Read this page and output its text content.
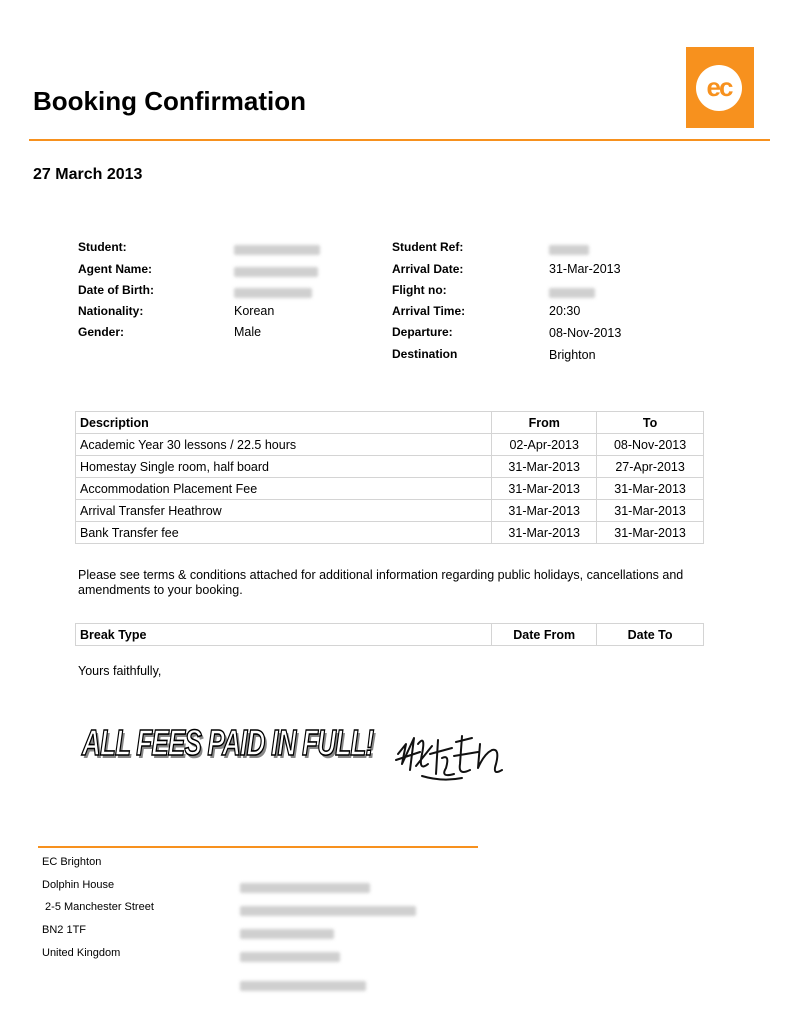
Booking Confirmation	ec
27 March 2013
Student:
Agent Name:
Date of Birth:
Nationality:	Korean
Gender:	Male
Student Ref:
Arrival Date:	31-Mar-2013
Flight no:
Arrival Time:	20:30
Departure:	08-Nov-2013
Destination	Brighton
Description	From	To
Academic Year 30 lessons / 22.5 hours	02-Apr-2013	08-Nov-2013
Homestay Single room, half board	31-Mar-2013	27-Apr-2013
Accommodation Placement Fee	31-Mar-2013	31-Mar-2013
Arrival Transfer Heathrow	31-Mar-2013	31-Mar-2013
Bank Transfer fee	31-Mar-2013	31-Mar-2013
Please see terms & conditions attached for additional information regarding public holidays, cancellations and amendments to your booking.
Break Type	Date From	Date To
Yours faithfully,
ALL FEES PAID IN FULL!
EC Brighton
Dolphin House
2-5 Manchester Street
BN2 1TF
United Kingdom
